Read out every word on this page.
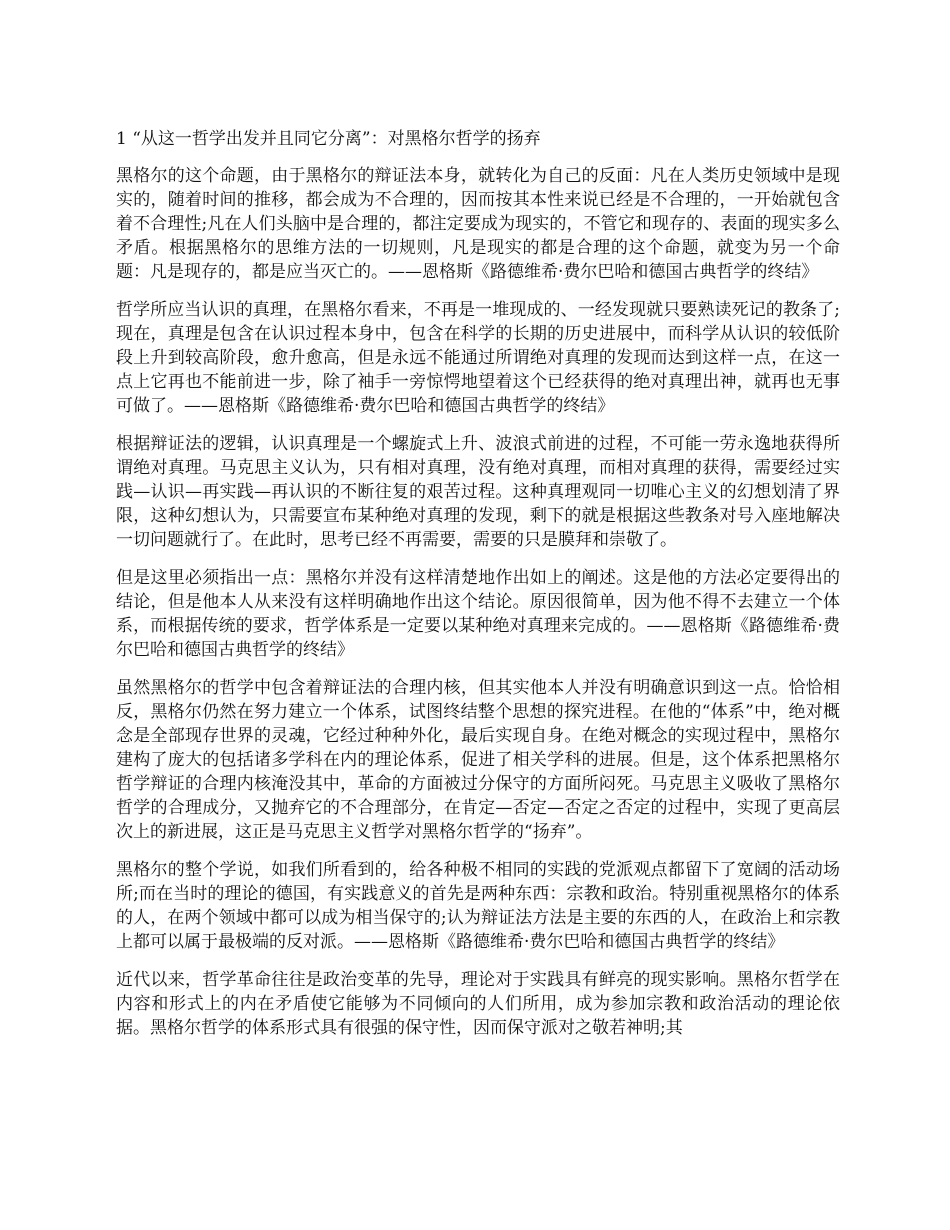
1 “从这一哲学出发并且同它分离”：对黑格尔哲学的扬弃

黑格尔的这个命题，由于黑格尔的辩证法本身，就转化为自己的反面：凡在人类历史领域中是现实的，随着时间的推移，都会成为不合理的，因而按其本性来说已经是不合理的，一开始就包含着不合理性;凡在人们头脑中是合理的，都注定要成为现实的，不管它和现存的、表面的现实多么矛盾。根据黑格尔的思维方法的一切规则，凡是现实的都是合理的这个命题，就变为另一个命题：凡是现存的，都是应当灭亡的。——恩格斯《路德维希·费尔巴哈和德国古典哲学的终结》

哲学所应当认识的真理，在黑格尔看来，不再是一堆现成的、一经发现就只要熟读死记的教条了;现在，真理是包含在认识过程本身中，包含在科学的长期的历史进展中，而科学从认识的较低阶段上升到较高阶段，愈升愈高，但是永远不能通过所谓绝对真理的发现而达到这样一点，在这一点上它再也不能前进一步，除了袖手一旁惊愕地望着这个已经获得的绝对真理出神，就再也无事可做了。——恩格斯《路德维希·费尔巴哈和德国古典哲学的终结》

根据辩证法的逻辑，认识真理是一个螺旋式上升、波浪式前进的过程，不可能一劳永逸地获得所谓绝对真理。马克思主义认为，只有相对真理，没有绝对真理，而相对真理的获得，需要经过实践—认识—再实践—再认识的不断往复的艰苦过程。这种真理观同一切唯心主义的幻想划清了界限，这种幻想认为，只需要宣布某种绝对真理的发现，剩下的就是根据这些教条对号入座地解决一切问题就行了。在此时，思考已经不再需要，需要的只是膜拜和崇敬了。

但是这里必须指出一点：黑格尔并没有这样清楚地作出如上的阐述。这是他的方法必定要得出的结论，但是他本人从来没有这样明确地作出这个结论。原因很简单，因为他不得不去建立一个体系，而根据传统的要求，哲学体系是一定要以某种绝对真理来完成的。——恩格斯《路德维希·费尔巴哈和德国古典哲学的终结》

虽然黑格尔的哲学中包含着辩证法的合理内核，但其实他本人并没有明确意识到这一点。恰恰相反，黑格尔仍然在努力建立一个体系，试图终结整个思想的探究进程。在他的“体系”中，绝对概念是全部现存世界的灵魂，它经过种种外化，最后实现自身。在绝对概念的实现过程中，黑格尔建构了庞大的包括诸多学科在内的理论体系，促进了相关学科的进展。但是，这个体系把黑格尔哲学辩证的合理内核淹没其中，革命的方面被过分保守的方面所闷死。马克思主义吸收了黑格尔哲学的合理成分，又抛弃它的不合理部分，在肯定—否定—否定之否定的过程中，实现了更高层次上的新进展，这正是马克思主义哲学对黑格尔哲学的“扬弃”。

黑格尔的整个学说，如我们所看到的，给各种极不相同的实践的党派观点都留下了宽阔的活动场所;而在当时的理论的德国，有实践意义的首先是两种东西：宗教和政治。特别重视黑格尔的体系的人，在两个领域中都可以成为相当保守的;认为辩证法方法是主要的东西的人，在政治上和宗教上都可以属于最极端的反对派。——恩格斯《路德维希·费尔巴哈和德国古典哲学的终结》

近代以来，哲学革命往往是政治变革的先导，理论对于实践具有鲜亮的现实影响。黑格尔哲学在内容和形式上的内在矛盾使它能够为不同倾向的人们所用，成为参加宗教和政治活动的理论依据。黑格尔哲学的体系形式具有很强的保守性，因而保守派对之敬若神明;其
